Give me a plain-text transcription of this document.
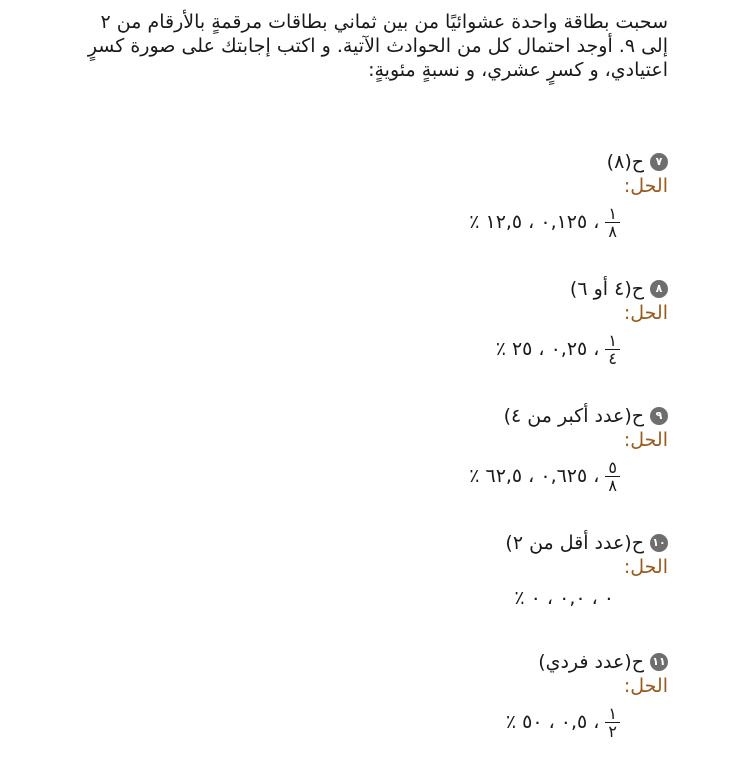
سحبت بطاقة واحدة عشوائيًا من بين ثماني بطاقات مرقمةٍ بالأرقام من ٢ إلى ٩. أوجد احتمال كل من الحوادث الآتية. و اكتب إجابتك على صورة كسرٍ اعتيادي، و كسرٍ عشري، و نسبةٍ مئويةٍ:

٧
ح(٨)
الحل:
$\frac{١}{٨}$
، ٠,١٢٥ ، ١٢,٥ ٪
٨
ح(٤ أو ٦)
الحل:
$\frac{١}{٤}$
، ٠,٢٥ ، ٢٥ ٪
٩
ح(عدد أكبر من ٤)
الحل:
$\frac{٥}{٨}$
، ٠,٦٢٥ ، ٦٢,٥ ٪
١٠
ح(عدد أقل من ٢)
الحل:
٠ ، ٠,٠ ، ٠ ٪
١١
ح(عدد فردي)
الحل:
$\frac{١}{٢}$
، ٠,٥ ، ٥٠ ٪
